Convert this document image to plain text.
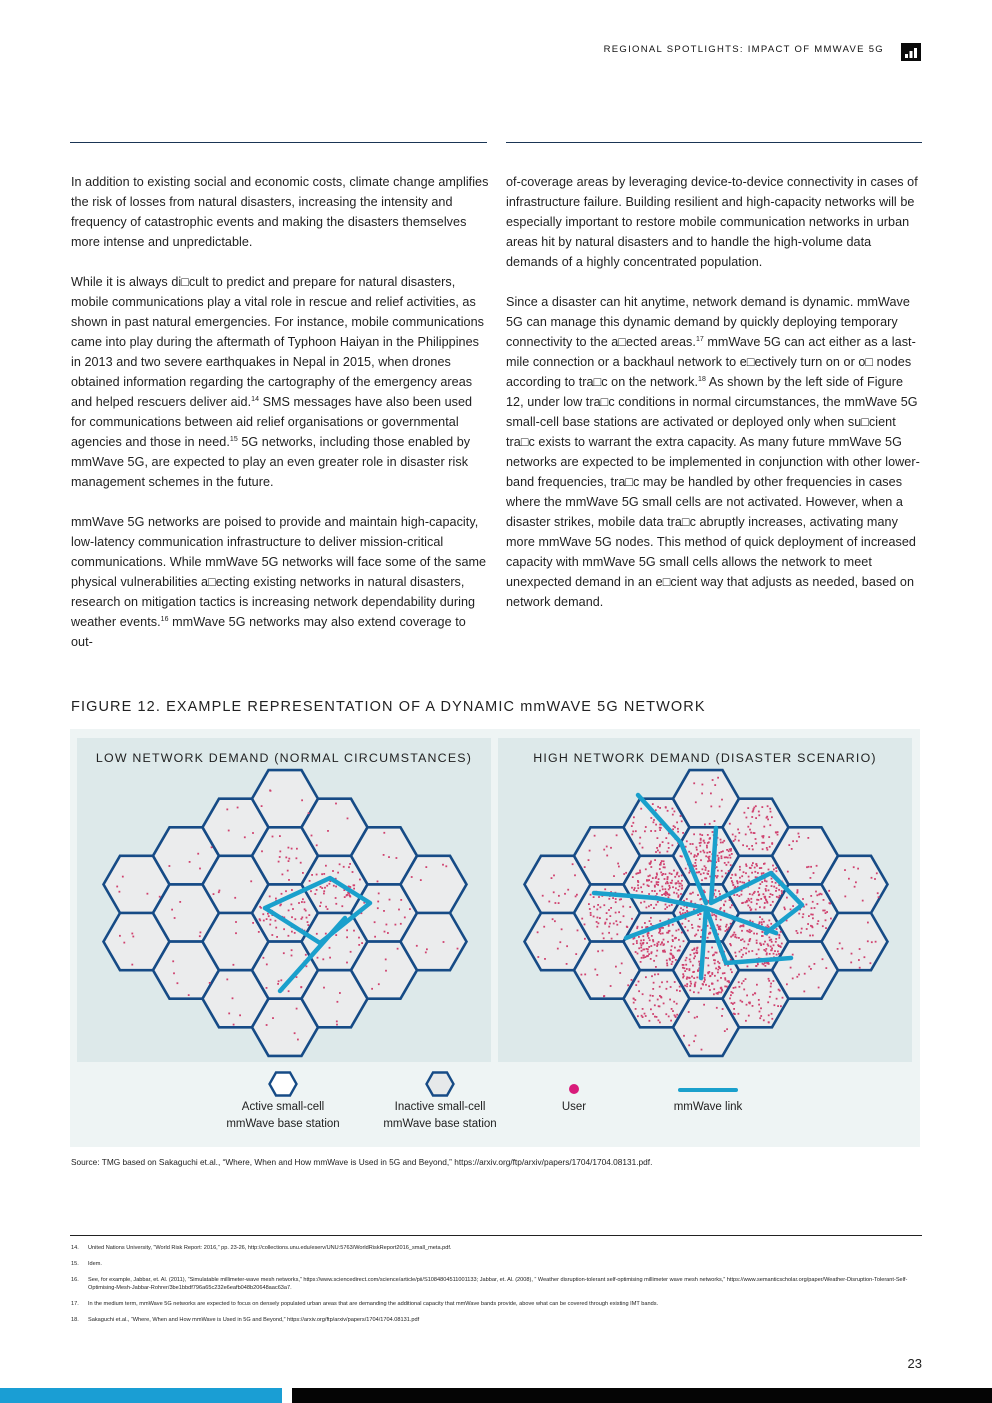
REGIONAL SPOTLIGHTS: IMPACT OF MMWAVE 5G

In addition to existing social and economic costs, climate change amplifies the risk of losses from natural disasters, increasing the intensity and frequency of catastrophic events and making the disasters themselves more intense and unpredictable.

While it is always di□cult to predict and prepare for natural disasters, mobile communications play a vital role in rescue and relief activities, as shown in past natural emergencies. For instance, mobile communications came into play during the aftermath of Typhoon Haiyan in the Philippines in 2013 and two severe earthquakes in Nepal in 2015, when drones obtained information regarding the cartography of the emergency areas and helped rescuers deliver aid.$^{14}$ SMS messages have also been used for communications between aid relief organisations or governmental agencies and those in need.$^{15}$ 5G networks, including those enabled by mmWave 5G, are expected to play an even greater role in disaster risk management schemes in the future.

mmWave 5G networks are poised to provide and maintain high-capacity, low-latency communication infrastructure to deliver mission-critical communications. While mmWave 5G networks will face some of the same physical vulnerabilities a□ecting existing networks in natural disasters, research on mitigation tactics is increasing network dependability during weather events.$^{16}$ mmWave 5G networks may also extend coverage to out-

of-coverage areas by leveraging device-to-device connectivity in cases of infrastructure failure. Building resilient and high-capacity networks will be especially important to restore mobile communication networks in urban areas hit by natural disasters and to handle the high-volume data demands of a highly concentrated population.

Since a disaster can hit anytime, network demand is dynamic. mmWave 5G can manage this dynamic demand by quickly deploying temporary connectivity to the a□ected areas.$^{17}$ mmWave 5G can act either as a last-mile connection or a backhaul network to e□ectively turn on or o□ nodes according to tra□c on the network.$^{18}$ As shown by the left side of Figure 12, under low tra□c conditions in normal circumstances, the mmWave 5G small-cell base stations are activated or deployed only when su□cient tra□c exists to warrant the extra capacity. As many future mmWave 5G networks are expected to be implemented in conjunction with other lower-band frequencies, tra□c may be handled by other frequencies in cases where the mmWave 5G small cells are not activated. However, when a disaster strikes, mobile data tra□c abruptly increases, activating many more mmWave 5G nodes. This method of quick deployment of increased capacity with mmWave 5G small cells allows the network to meet unexpected demand in an e□cient way that adjusts as needed, based on network demand.

FIGURE 12. EXAMPLE REPRESENTATION OF A DYNAMIC mmWAVE 5G NETWORK
LOW NETWORK DEMAND (NORMAL CIRCUMSTANCES)	HIGH NETWORK DEMAND (DISASTER SCENARIO)
Active small-cell
mmWave base station
Inactive small-cell
mmWave base station
User	mmWave link
Source: TMG based on Sakaguchi et.al., “Where, When and How mmWave is Used in 5G and Beyond,” https://arxiv.org/ftp/arxiv/papers/1704/1704.08131.pdf.
14.	United Nations University, “World Risk Report: 2016,” pp. 23-26, http://collections.unu.edu/eserv/UNU:5763/WorldRiskReport2016_small_meta.pdf.
15.	Idem.
16.	See, for example, Jabbar, et. Al. (2011), “Simulatable millimeter-wave mesh networks,” https://www.sciencedirect.com/science/article/pii/S1084804511001133; Jabbar, et. Al. (2008), “ Weather disruption-tolerant self-optimising millimeter wave mesh networks,” https://www.semanticscholar.org/paper/Weather-Disruption-Tolerant-Self-Optimising-Mesh-Jabbar-Rohrer/3be1bbdf796a65c232e6eafb048b20648aac63a7.
17.	In the medium term, mmWave 5G networks are expected to focus on densely populated urban areas that are demanding the additional capacity that mmWave bands provide, above what can be covered through existing IMT bands.
18.	Sakaguchi et.al., “Where, When and How mmWave is Used in 5G and Beyond,” https://arxiv.org/ftp/arxiv/papers/1704/1704.08131.pdf
23
